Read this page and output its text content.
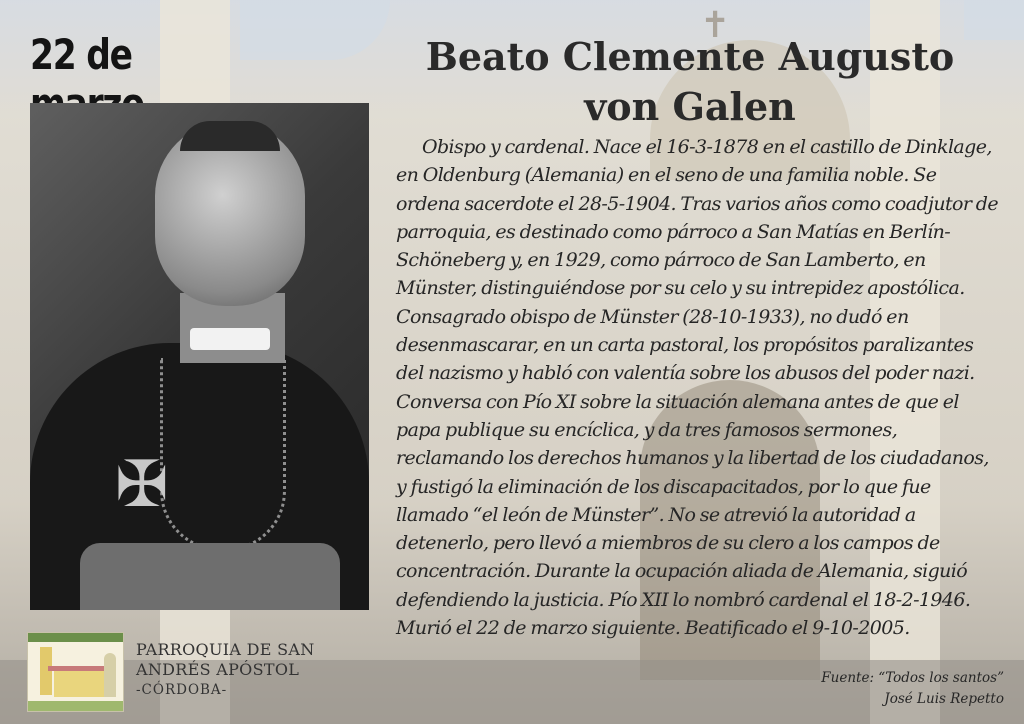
✝
22 de	Beato Clemente Augusto
von Galen
✠

Obispo y cardenal. Nace el 16-3-1878 en el castillo de Dinklage, en Oldenburg (Alemania) en el seno de una familia noble. Se ordena sacerdote el 28-5-1904. Tras varios años como coadjutor de parroquia, es destinado como párroco a San Matías en Berlín-Schöneberg y, en 1929, como párroco de San Lamberto, en Münster, distinguiéndose por su celo y su intrepidez apostólica. Consagrado obispo de Münster (28-10-1933), no dudó en desenmascarar, en un carta pastoral, los propósitos paralizantes del nazismo y habló con valentía sobre los abusos del poder nazi. Conversa con Pío XI sobre la situación alemana antes de que el papa publique su encíclica, y da tres famosos sermones, reclamando los derechos humanos y la libertad de los ciudadanos, y fustigó la eliminación de los discapacitados, por lo que fue llamado “el león de Münster”. No se atrevió la autoridad a detenerlo, pero llevó a miembros de su clero a los campos de concentración. Durante la ocupación aliada de Alemania, siguió defendiendo la justicia. Pío XII lo nombró cardenal el 18-2-1946. Murió el 22 de marzo siguiente. Beatificado el 9-10-2005.

PARROQUIA DE SAN
ANDRÉS APÓSTOL
-CÓRDOBA-
Fuente: “Todos los santos”
José Luis Repetto
